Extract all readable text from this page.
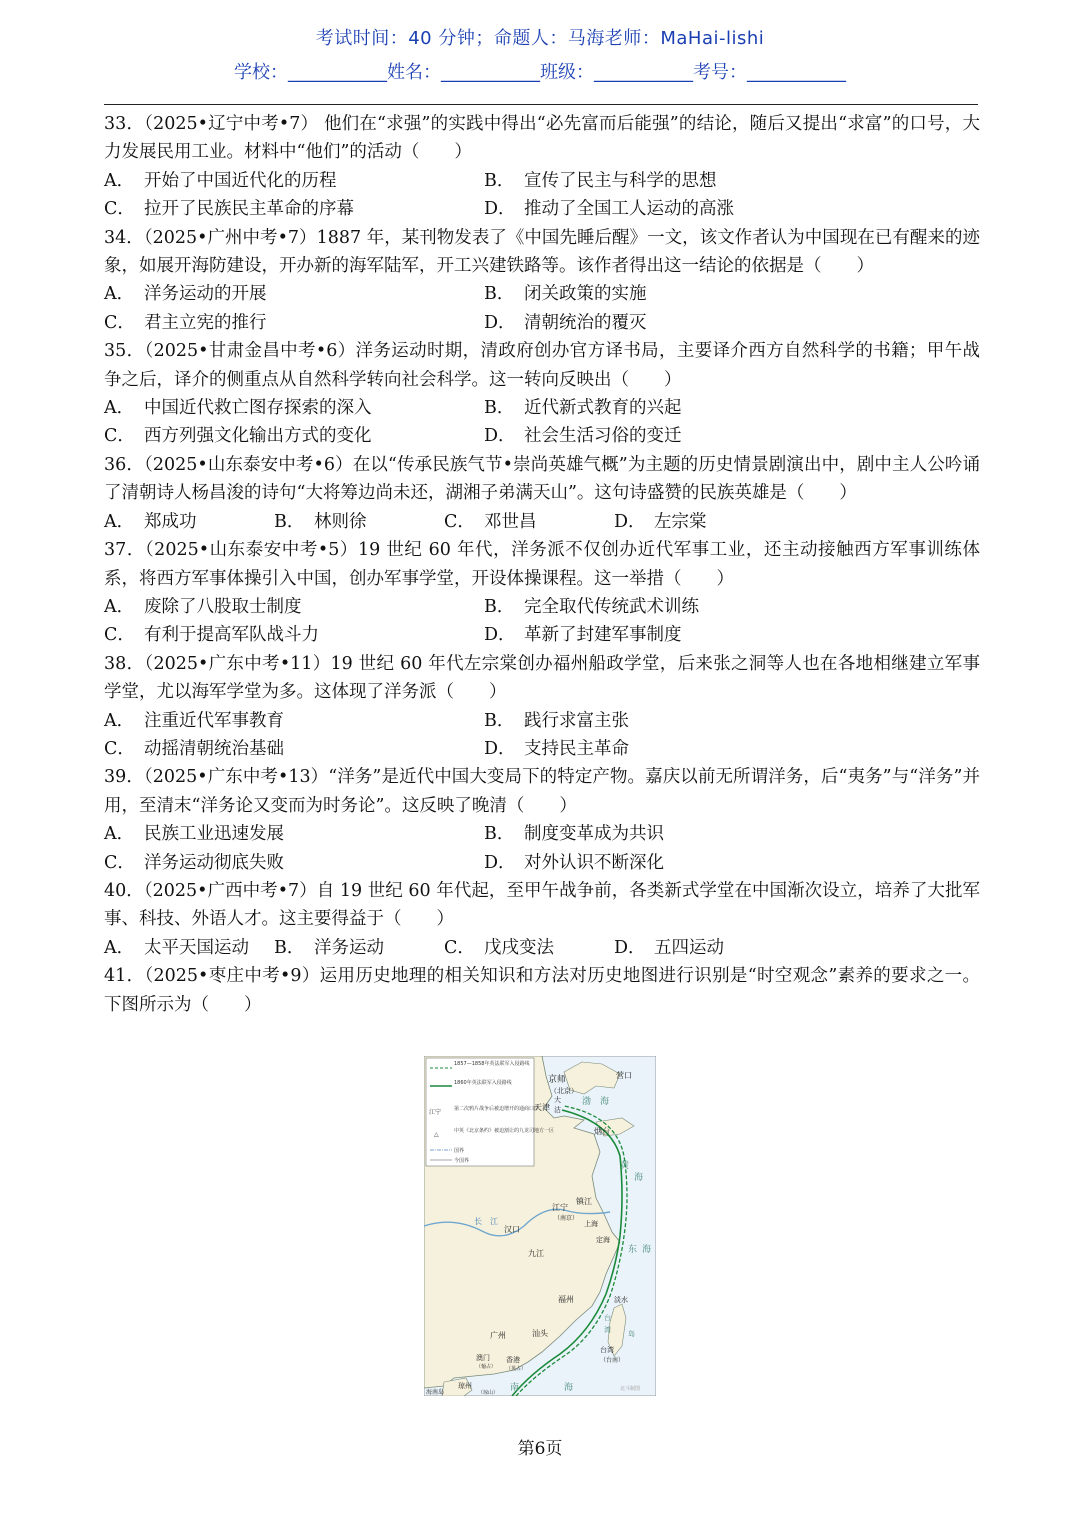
考试时间：40 分钟；命题人：马海老师：MaHai-lishi
学校：___________姓名：___________班级：___________考号：___________
33．（2025•辽宁中考•7） 他们在“求强”的实践中得出“必先富而后能强”的结论，随后又提出“求富”的口号，大力发展民用工业。材料中“他们”的活动（　　）
A． 开始了中国近代化的历程	B． 宣传了民主与科学的思想
C． 拉开了民族民主革命的序幕	D． 推动了全国工人运动的高涨
34．（2025•广州中考•7）1887 年，某刊物发表了《中国先睡后醒》一文，该文作者认为中国现在已有醒来的迹象，如展开海防建设，开办新的海军陆军，开工兴建铁路等。该作者得出这一结论的依据是（　　）
A． 洋务运动的开展	B． 闭关政策的实施
C． 君主立宪的推行	D． 清朝统治的覆灭
35．（2025•甘肃金昌中考•6）洋务运动时期，清政府创办官方译书局，主要译介西方自然科学的书籍；甲午战争之后，译介的侧重点从自然科学转向社会科学。这一转向反映出（　　）
A． 中国近代救亡图存探索的深入	B． 近代新式教育的兴起
C． 西方列强文化输出方式的变化	D． 社会生活习俗的变迁
36．（2025•山东泰安中考•6）在以“传承民族气节•崇尚英雄气概”为主题的历史情景剧演出中，剧中主人公吟诵了清朝诗人杨昌浚的诗句“大将筹边尚未还，湖湘子弟满天山”。这句诗盛赞的民族英雄是（　　）
A． 郑成功	B． 林则徐	C． 邓世昌	D． 左宗棠
37．（2025•山东泰安中考•5）19 世纪 60 年代，洋务派不仅创办近代军事工业，还主动接触西方军事训练体系，将西方军事体操引入中国，创办军事学堂，开设体操课程。这一举措（　　）
A． 废除了八股取士制度	B． 完全取代传统武术训练
C． 有利于提高军队战斗力	D． 革新了封建军事制度
38．（2025•广东中考•11）19 世纪 60 年代左宗棠创办福州船政学堂，后来张之洞等人也在各地相继建立军事学堂，尤以海军学堂为多。这体现了洋务派（　　）
A． 注重近代军事教育	B． 践行求富主张
C． 动摇清朝统治基础	D． 支持民主革命
39．（2025•广东中考•13）“洋务”是近代中国大变局下的特定产物。嘉庆以前无所谓洋务，后“夷务”与“洋务”并用，至清末“洋务论又变而为时务论”。这反映了晚清（　　）
A． 民族工业迅速发展	B． 制度变革成为共识
C． 洋务运动彻底失败	D． 对外认识不断深化
40．（2025•广西中考•7）自 19 世纪 60 年代起，至甲午战争前，各类新式学堂在中国渐次设立，培养了大批军事、科技、外语人才。这主要得益于（　　）
A． 太平天国运动	B． 洋务运动	C． 戊戌变法	D． 五四运动
41．（2025•枣庄中考•9）运用历史地理的相关知识和方法对历史地图进行识别是“时空观念”素养的要求之一。下图所示为（　　）
1857—1858年英法联军入侵路线
1860年英法联军入侵路线
江宁	第二次鸦片战争后被迫增开的通商口岸
△	中英《北京条约》被迫割让的九龙司地方一区
国界
今国界
京师
（北京）
天津
营口
烟台
江宁
（南京）
镇江
上海
定海
汉口
九江
福州	淡水
台湾
（台南）
汕头
广州
澳门
（葡占）
香港
（英占）
琼州
（琼山）
海南岛
大
沽
渤 海
黄
海
东 海
南	海
台
湾 岛
长 江
北斗制图
第6页
